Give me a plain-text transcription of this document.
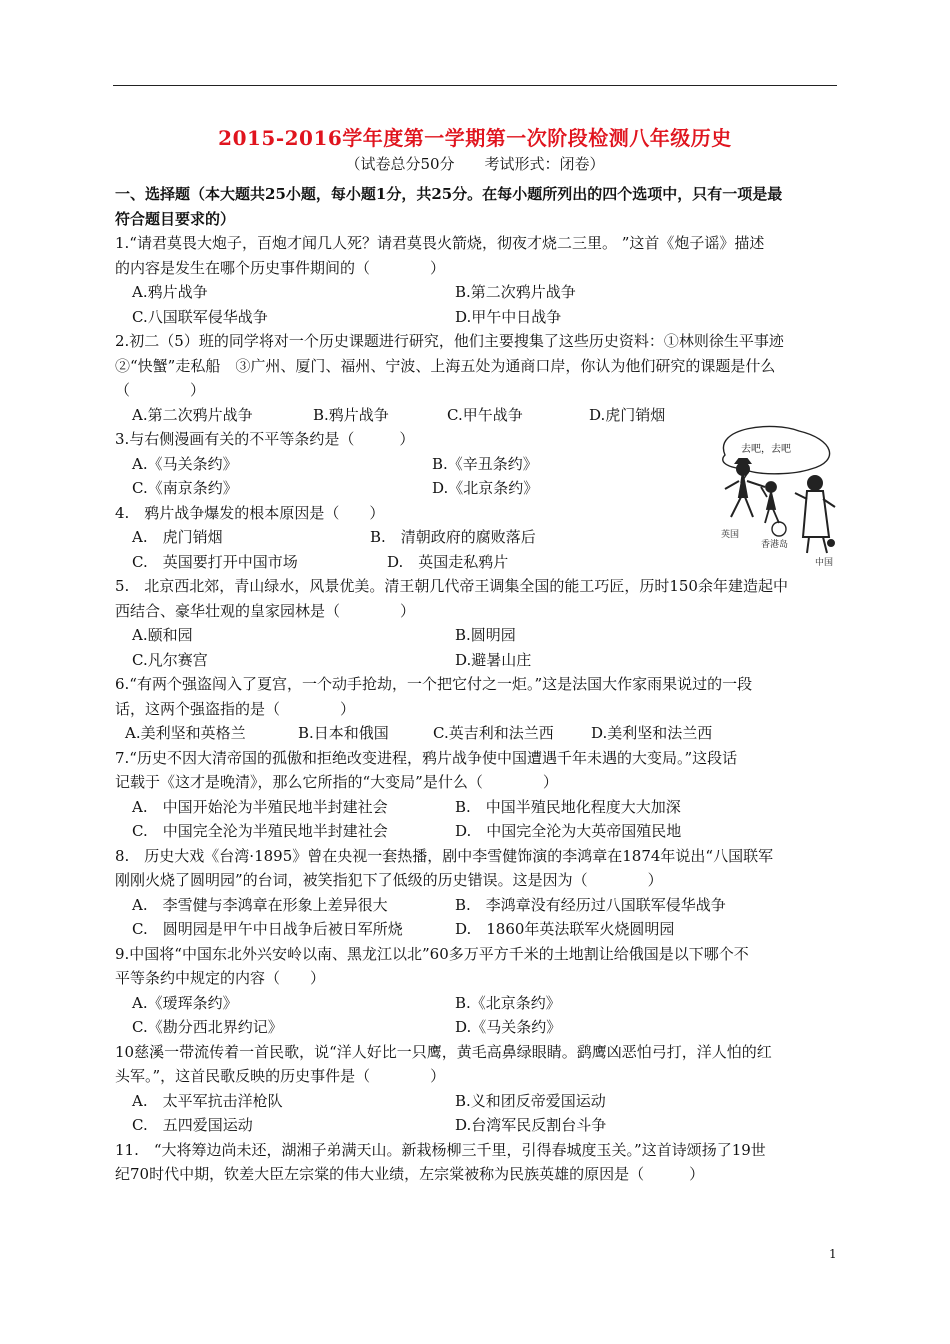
2015-2016学年度第一学期第一次阶段检测八年级历史
（试卷总分50分　　考试形式：闭卷）

一、选择题（本大题共25小题，每小题1分，共25分。在每小题所列出的四个选项中，只有一项是最

符合题目要求的）

1.“请君莫畏大炮子，百炮才闻几人死？请君莫畏火箭烧，彻夜才烧二三里。 ”这首《炮子谣》描述

的内容是发生在哪个历史事件期间的（　　　　）

A.鸦片战争	B.第二次鸦片战争
C.八国联军侵华战争	D.甲午中日战争

2.初二（5）班的同学将对一个历史课题进行研究，他们主要搜集了这些历史资料：①林则徐生平事迹

②“快蟹”走私船　③广州、厦门、福州、宁波、上海五处为通商口岸，你认为他们研究的课题是什么

（　　　　）

A.第二次鸦片战争	B.鸦片战争	C.甲午战争	D.虎门销烟

3.与右侧漫画有关的不平等条约是（　　　）

A.《马关条约》	B.《辛丑条约》
C.《南京条约》	D.《北京条约》

4.　鸦片战争爆发的根本原因是（　　）

A.　虎门销烟	B.　清朝政府的腐败落后
C.　英国要打开中国市场	D.　英国走私鸦片

5.　北京西北郊，青山绿水，风景优美。清王朝几代帝王调集全国的能工巧匠，历时150余年建造起中

西结合、豪华壮观的皇家园林是（　　　　）

A.颐和园	B.圆明园
C.凡尔赛宫	D.避暑山庄

6.“有两个强盗闯入了夏宫，一个动手抢劫，一个把它付之一炬。”这是法国大作家雨果说过的一段

话，这两个强盗指的是（　　　　）

A.美利坚和英格兰	B.日本和俄国	C.英吉利和法兰西 D.美利坚和法兰西

7.“历史不因大清帝国的孤傲和拒绝改变进程，鸦片战争使中国遭遇千年未遇的大变局。”这段话

记载于《这才是晚清》，那么它所指的“大变局”是什么（　　　　）

A.　中国开始沦为半殖民地半封建社会	B.　中国半殖民地化程度大大加深
C.　中国完全沦为半殖民地半封建社会	D.　中国完全沦为大英帝国殖民地

8.　历史大戏《台湾·1895》曾在央视一套热播，剧中李雪健饰演的李鸿章在1874年说出“八国联军

刚刚火烧了圆明园”的台词，被笑指犯下了低级的历史错误。这是因为（　　　　）

A.　李雪健与李鸿章在形象上差异很大	B.　李鸿章没有经历过八国联军侵华战争
C.　圆明园是甲午中日战争后被日军所烧	D.　1860年英法联军火烧圆明园

9.中国将“中国东北外兴安岭以南、黑龙江以北”60多万平方千米的土地割让给俄国是以下哪个不

平等条约中规定的内容（　　）

A.《瑷珲条约》	B.《北京条约》
C.《勘分西北界约记》	D.《马关条约》

10慈溪一带流传着一首民歌，说“洋人好比一只鹰，黄毛高鼻绿眼睛。鹞鹰凶恶怕弓打，洋人怕的红

头军。”，这首民歌反映的历史事件是（　　　　）

A.　太平军抗击洋枪队	B.义和团反帝爱国运动
C.　五四爱国运动	D.台湾军民反割台斗争

11.　“大将筹边尚未还，湖湘子弟满天山。新栽杨柳三千里，引得春城度玉关。”这首诗颂扬了19世

纪70时代中期，钦差大臣左宗棠的伟大业绩，左宗棠被称为民族英雄的原因是（　　　）

去吧，去吧
英国
香港岛
中国
1
